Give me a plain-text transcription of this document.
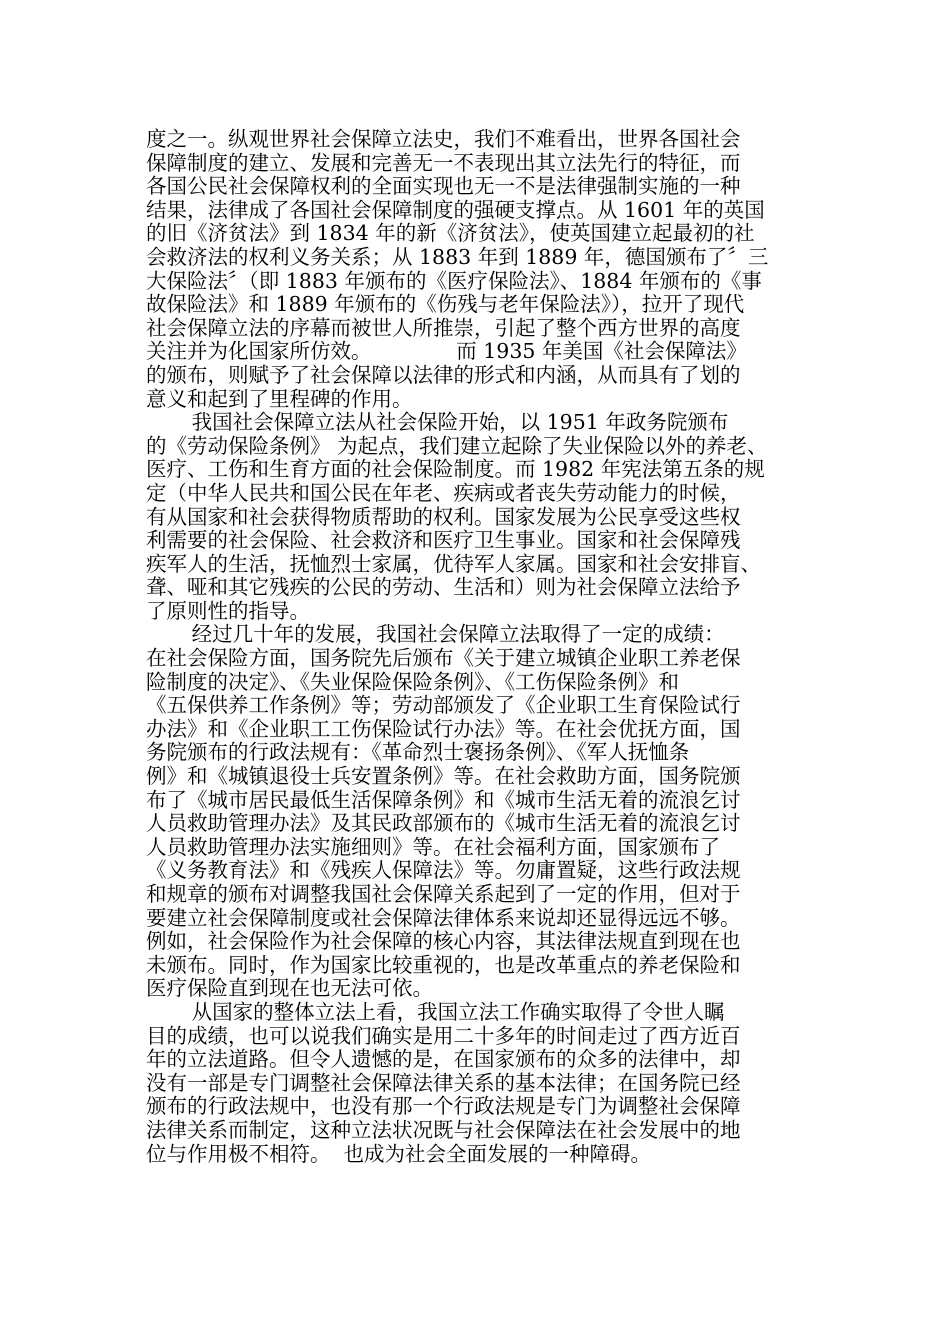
度之一。纵观世界社会保障立法史，我们不难看出，世界各国社会
保障制度的建立、发展和完善无一不表现出其立法先行的特征，而
各国公民社会保障权利的全面实现也无一不是法律强制实施的一种
结果，法律成了各国社会保障制度的强硬支撑点。从 1601 年的英国
的旧《济贫法》到 1834 年的新《济贫法》，使英国建立起最初的社
会救济法的权利义务关系；从 1883 年到 1889 年，德国颁布了〞三
大保险法〞（即 1883 年颁布的《医疗保险法》、1884 年颁布的《事
故保险法》和 1889 年颁布的《伤残与老年保险法》），拉开了现代
社会保障立法的序幕而被世人所推崇，引起了整个西方世界的高度
关注并为化国家所仿效。             而 1935 年美国《社会保障法》
的颁布，则赋予了社会保障以法律的形式和内涵，从而具有了划的
意义和起到了里程碑的作用。
我国社会保障立法从社会保险开始，以 1951 年政务院颁布
的《劳动保险条例》 为起点，我们建立起除了失业保险以外的养老、
医疗、工伤和生育方面的社会保险制度。而 1982 年宪法第五条的规
定（中华人民共和国公民在年老、疾病或者丧失劳动能力的时候，
有从国家和社会获得物质帮助的权利。国家发展为公民享受这些权
利需要的社会保险、社会救济和医疗卫生事业。国家和社会保障残
疾军人的生活，抚恤烈士家属，优待军人家属。国家和社会安排盲、
聋、哑和其它残疾的公民的劳动、生活和）则为社会保障立法给予
了原则性的指导。
经过几十年的发展，我国社会保障立法取得了一定的成绩：
在社会保险方面，国务院先后颁布《关于建立城镇企业职工养老保
险制度的决定》、《失业保险保险条例》、《工伤保险条例》和
《五保供养工作条例》等；劳动部颁发了《企业职工生育保险试行
办法》和《企业职工工伤保险试行办法》等。在社会优抚方面，国
务院颁布的行政法规有：《革命烈士褒扬条例》、《军人抚恤条
例》和《城镇退役士兵安置条例》等。在社会救助方面，国务院颁
布了《城市居民最低生活保障条例》和《城市生活无着的流浪乞讨
人员救助管理办法》及其民政部颁布的《城市生活无着的流浪乞讨
人员救助管理办法实施细则》等。在社会福利方面，国家颁布了
《义务教育法》和《残疾人保障法》等。勿庸置疑，这些行政法规
和规章的颁布对调整我国社会保障关系起到了一定的作用，但对于
要建立社会保障制度或社会保障法律体系来说却还显得远远不够。
例如，社会保险作为社会保障的核心内容，其法律法规直到现在也
未颁布。同时，作为国家比较重视的，也是改革重点的养老保险和
医疗保险直到现在也无法可依。
从国家的整体立法上看，我国立法工作确实取得了令世人瞩
目的成绩，也可以说我们确实是用二十多年的时间走过了西方近百
年的立法道路。但令人遗憾的是，在国家颁布的众多的法律中，却
没有一部是专门调整社会保障法律关系的基本法律；在国务院已经
颁布的行政法规中，也没有那一个行政法规是专门为调整社会保障
法律关系而制定，这种立法状况既与社会保障法在社会发展中的地
位与作用极不相符。  也成为社会全面发展的一种障碍。
